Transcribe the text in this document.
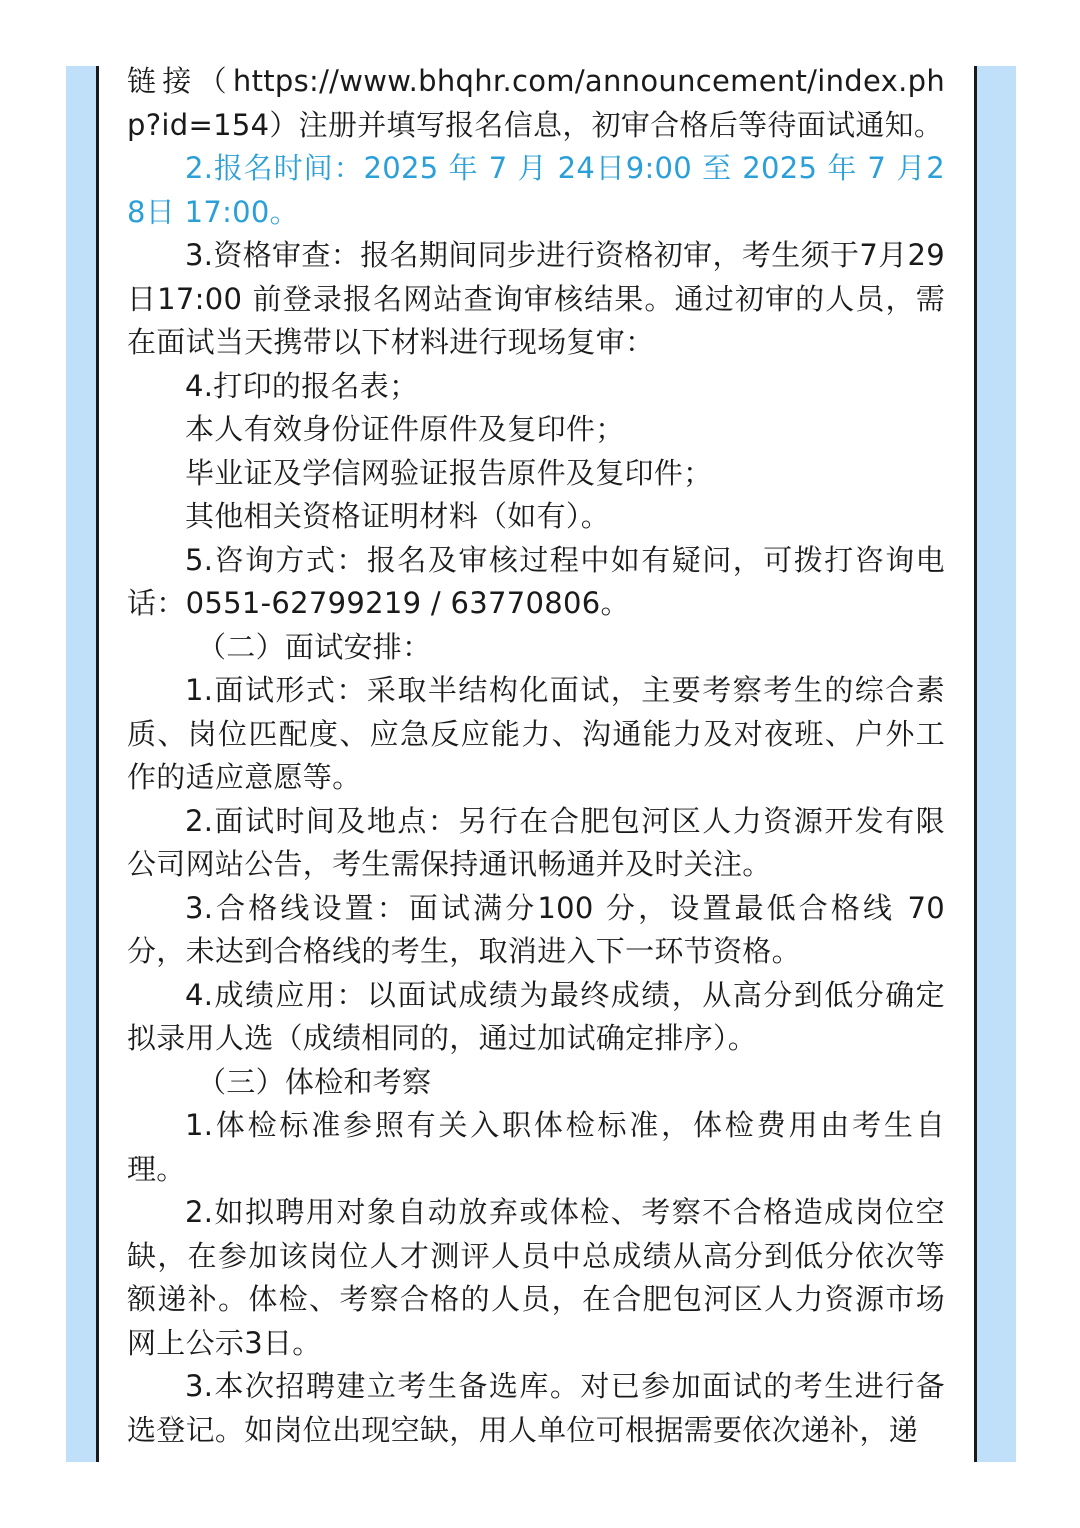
链接（https://www.bhqhr.com/announcement/index.php?id=154）注册并填写报名信息，初审合格后等待面试通知。

2.报名时间：2025 年 7 月 24日9:00 至 2025 年 7 月28日 17:00。

3.资格审查：报名期间同步进行资格初审，考生须于7月29日17:00 前登录报名网站查询审核结果。通过初审的人员，需在面试当天携带以下材料进行现场复审：

4.打印的报名表；

本人有效身份证件原件及复印件；

毕业证及学信网验证报告原件及复印件；

其他相关资格证明材料（如有）。

5.咨询方式：报名及审核过程中如有疑问，可拨打咨询电话：0551-62799219 / 63770806。

（二）面试安排：

1.面试形式：采取半结构化面试，主要考察考生的综合素质、岗位匹配度、应急反应能力、沟通能力及对夜班、户外工作的适应意愿等。

2.面试时间及地点：另行在合肥包河区人力资源开发有限公司网站公告，考生需保持通讯畅通并及时关注。

3.合格线设置：面试满分100 分，设置最低合格线 70 分，未达到合格线的考生，取消进入下一环节资格。

4.成绩应用：以面试成绩为最终成绩，从高分到低分确定拟录用人选（成绩相同的，通过加试确定排序）。

（三）体检和考察

1.体检标准参照有关入职体检标准，体检费用由考生自理。

2.如拟聘用对象自动放弃或体检、考察不合格造成岗位空缺，在参加该岗位人才测评人员中总成绩从高分到低分依次等额递补。体检、考察合格的人员，在合肥包河区人力资源市场网上公示3日。

3.本次招聘建立考生备选库。对已参加面试的考生进行备选登记。如岗位出现空缺，用人单位可根据需要依次递补，递
